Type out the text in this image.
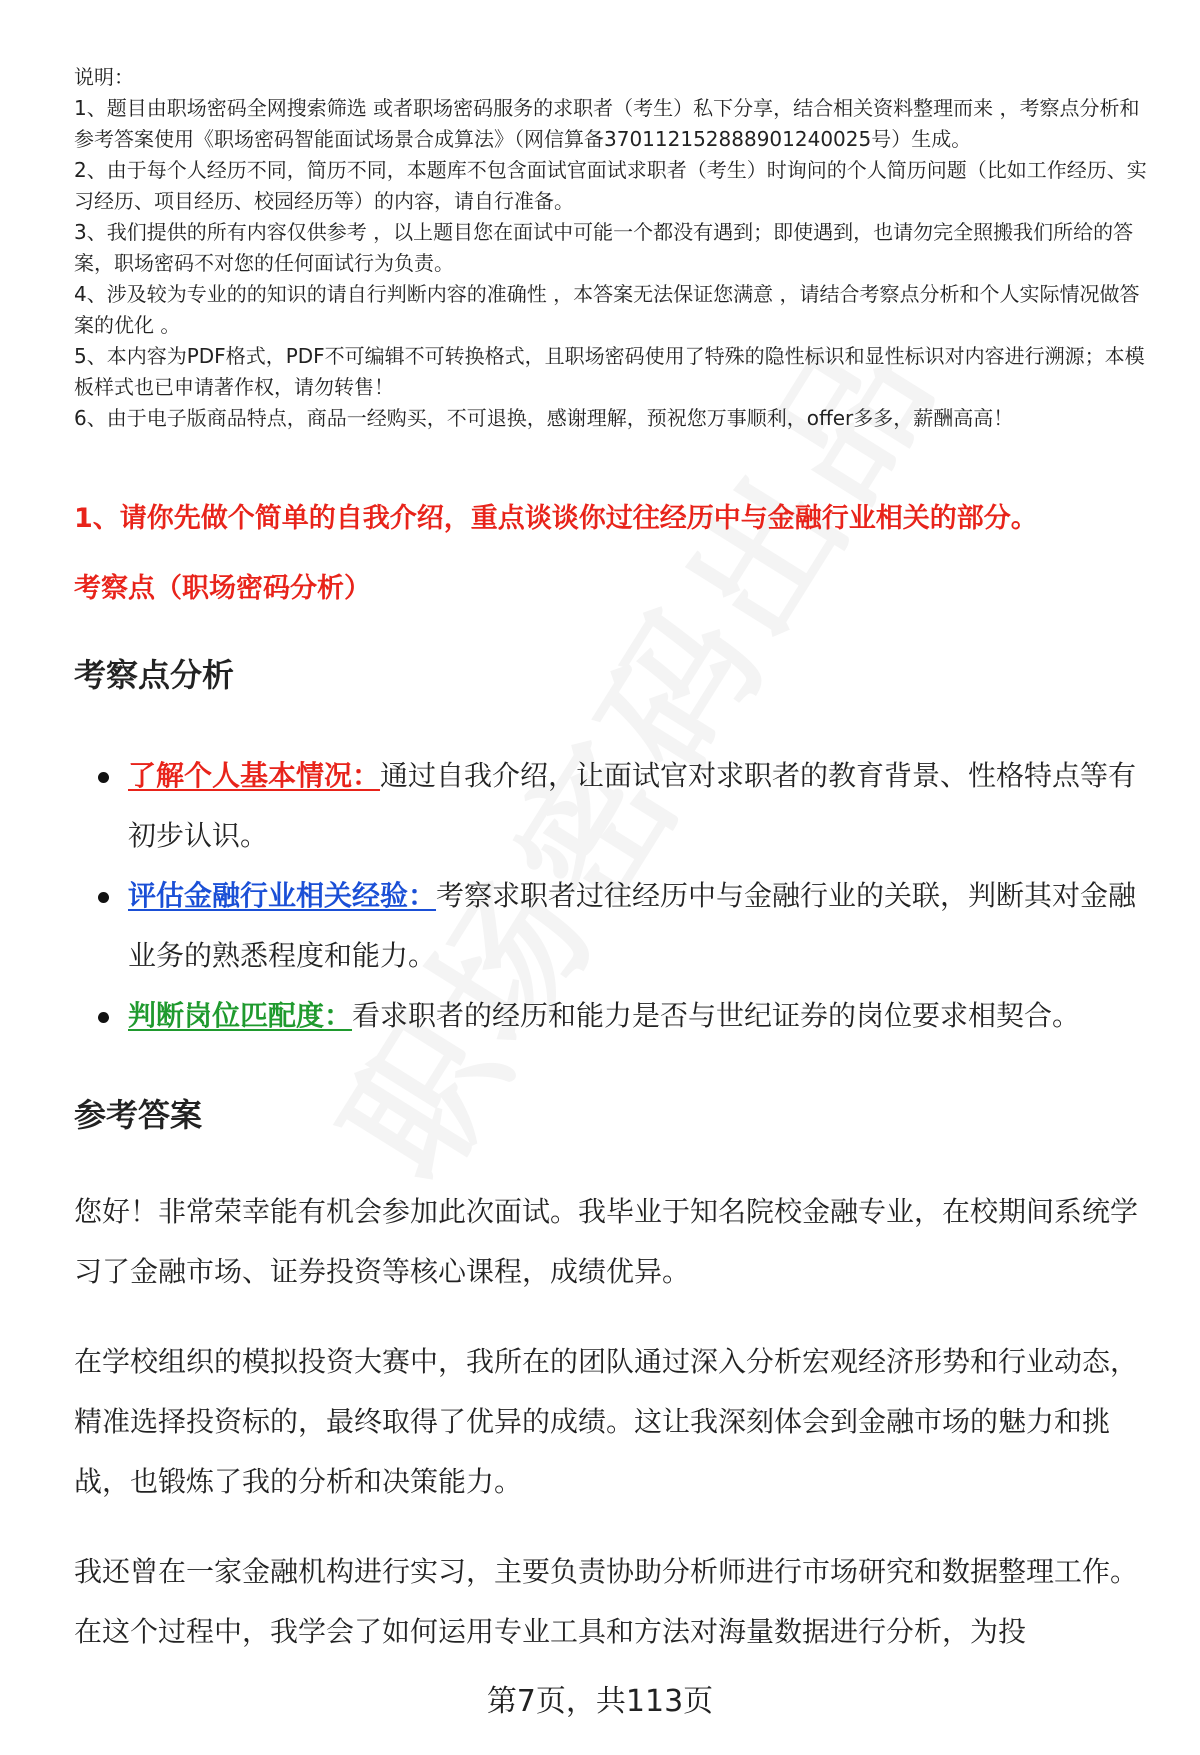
说明：

1、题目由职场密码全网搜索筛选 或者职场密码服务的求职者（考生）私下分享，结合相关资料整理而来 ，考察点分析和参考答案使用《职场密码智能面试场景合成算法》（网信算备370112152888901240025号）生成。

2、由于每个人经历不同，简历不同，本题库不包含面试官面试求职者（考生）时询问的个人简历问题（比如工作经历、实习经历、项目经历、校园经历等）的内容，请自行准备。

3、我们提供的所有内容仅供参考 ，以上题目您在面试中可能一个都没有遇到；即使遇到，也请勿完全照搬我们所给的答案，职场密码不对您的任何面试行为负责。

4、涉及较为专业的的知识的请自行判断内容的准确性 ，本答案无法保证您满意 ，请结合考察点分析和个人实际情况做答案的优化 。

5、本内容为PDF格式，PDF不可编辑不可转换格式，且职场密码使用了特殊的隐性标识和显性标识对内容进行溯源；本模板样式也已申请著作权，请勿转售！

6、由于电子版商品特点，商品一经购买，不可退换，感谢理解，预祝您万事顺利，offer多多，薪酬高高！

1、请你先做个简单的自我介绍，重点谈谈你过往经历中与金融行业相关的部分。
考察点（职场密码分析）
考察点分析
了解个人基本情况：通过自我介绍，让面试官对求职者的教育背景、性格特点等有初步认识。
评估金融行业相关经验：考察求职者过往经历中与金融行业的关联，判断其对金融业务的熟悉程度和能力。
判断岗位匹配度：看求职者的经历和能力是否与世纪证券的岗位要求相契合。
参考答案

您好！非常荣幸能有机会参加此次面试。我毕业于知名院校金融专业，在校期间系统学习了金融市场、证券投资等核心课程，成绩优异。

在学校组织的模拟投资大赛中，我所在的团队通过深入分析宏观经济形势和行业动态，精准选择投资标的，最终取得了优异的成绩。这让我深刻体会到金融市场的魅力和挑战，也锻炼了我的分析和决策能力。

我还曾在一家金融机构进行实习，主要负责协助分析师进行市场研究和数据整理工作。在这个过程中，我学会了如何运用专业工具和方法对海量数据进行分析，为投

第7页，共113页
